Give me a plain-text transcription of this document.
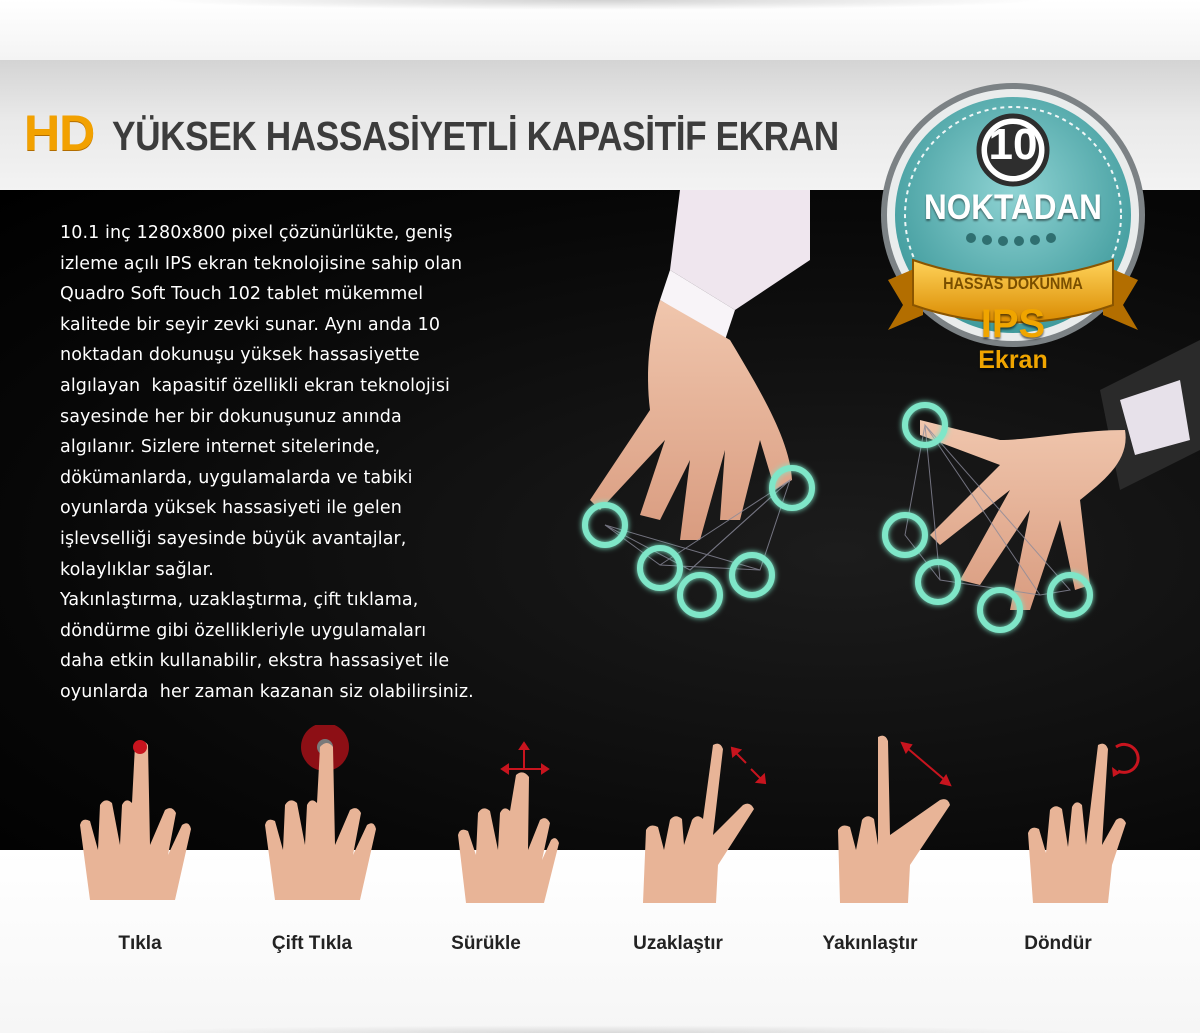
HD YÜKSEK HASSASİYETLİ KAPASİTİF EKRAN	10
NOKTADAN
HASSAS DOKUNMA
IPS
Ekran
10.1 inç 1280x800 pixel çözünürlükte, geniş
izleme açılı IPS ekran teknolojisine sahip olan
Quadro Soft Touch 102 tablet mükemmel
kalitede bir seyir zevki sunar. Aynı anda 10
noktadan dokunuşu yüksek hassasiyette
algılayan  kapasitif özellikli ekran teknolojisi
sayesinde her bir dokunuşunuz anında
algılanır. Sizlere internet sitelerinde,
dökümanlarda, uygulamalarda ve tabiki
oyunlarda yüksek hassasiyeti ile gelen
işlevselliği sayesinde büyük avantajlar,
kolaylıklar sağlar.
Yakınlaştırma, uzaklaştırma, çift tıklama,
döndürme gibi özellikleriyle uygulamaları
daha etkin kullanabilir, ekstra hassasiyet ile
oyunlarda  her zaman kazanan siz olabilirsiniz.
Tıkla	Çift Tıkla	Sürükle	Uzaklaştır	Yakınlaştır	Döndür
